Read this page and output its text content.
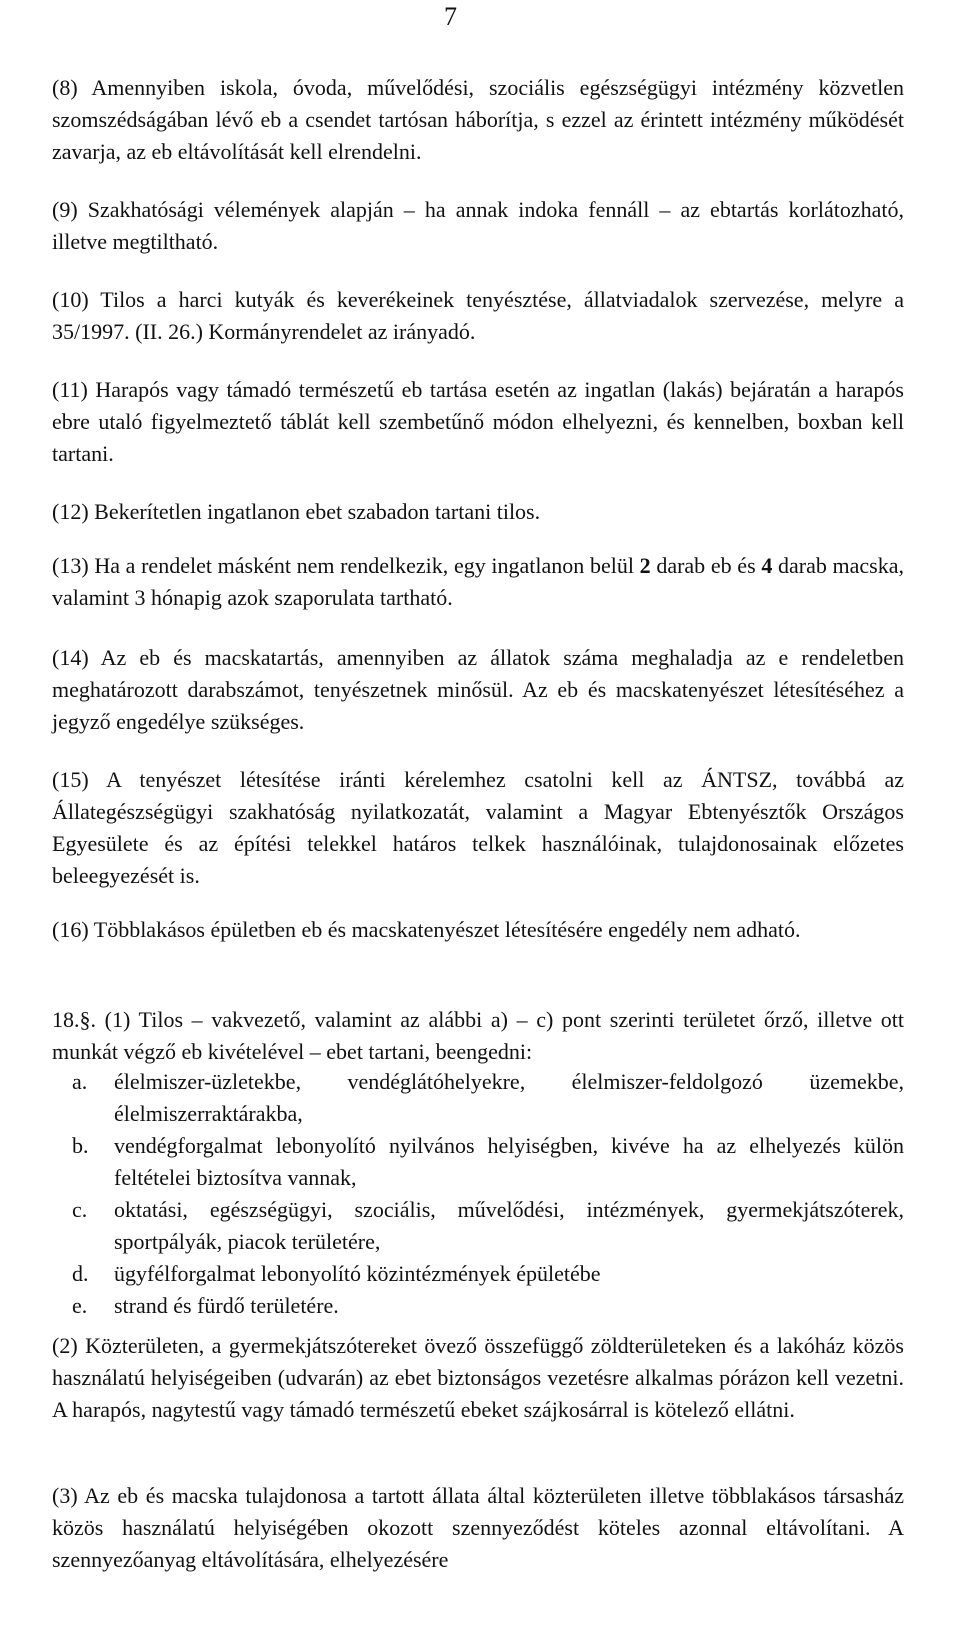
7

(8) Amennyiben iskola, óvoda, művelődési, szociális egészségügyi intézmény közvetlen szomszédságában lévő eb a csendet tartósan háborítja, s ezzel az érintett intézmény működését zavarja, az eb eltávolítását kell elrendelni.

(9) Szakhatósági vélemények alapján – ha annak indoka fennáll – az ebtartás korlátozható, illetve megtiltható.

(10) Tilos a harci kutyák és keverékeinek tenyésztése, állatviadalok szervezése, melyre a 35/1997. (II. 26.) Kormányrendelet az irányadó.

(11) Harapós vagy támadó természetű eb tartása esetén az ingatlan (lakás) bejáratán a harapós ebre utaló figyelmeztető táblát kell szembetűnő módon elhelyezni, és kennelben, boxban kell tartani.

(12) Bekerítetlen ingatlanon ebet szabadon tartani tilos.

(13) Ha a rendelet másként nem rendelkezik, egy ingatlanon belül 2 darab eb és 4 darab macska, valamint 3 hónapig azok szaporulata tartható.

(14) Az eb és macskatartás, amennyiben az állatok száma meghaladja az e rendeletben meghatározott darabszámot, tenyészetnek minősül. Az eb és macskatenyészet létesítéséhez a jegyző engedélye szükséges.

(15) A tenyészet létesítése iránti kérelemhez csatolni kell az ÁNTSZ, továbbá az Állategészségügyi szakhatóság nyilatkozatát, valamint a Magyar Ebtenyésztők Országos Egyesülete és az építési telekkel határos telkek használóinak, tulajdonosainak előzetes beleegyezését is.

(16) Többlakásos épületben eb és macskatenyészet létesítésére engedély nem adható.

18.§. (1) Tilos – vakvezető, valamint az alábbi a) – c) pont szerinti területet őrző, illetve ott munkát végző eb kivételével – ebet tartani, beengedni:

a. élelmiszer-üzletekbe, vendéglátóhelyekre, élelmiszer-feldolgozó üzemekbe, élelmiszerraktárakba,
b. vendégforgalmat lebonyolító nyilvános helyiségben, kivéve ha az elhelyezés külön feltételei biztosítva vannak,
c. oktatási, egészségügyi, szociális, művelődési, intézmények, gyermekjátszóterek, sportpályák, piacok területére,
d. ügyfélforgalmat lebonyolító közintézmények épületébe
e. strand és fürdő területére.

(2) Közterületen, a gyermekjátszótereket övező összefüggő zöldterületeken és a lakóház közös használatú helyiségeiben (udvarán) az ebet biztonságos vezetésre alkalmas pórázon kell vezetni. A harapós, nagytestű vagy támadó természetű ebeket szájkosárral is kötelező ellátni.

(3) Az eb és macska tulajdonosa a tartott állata által közterületen illetve többlakásos társasház közös használatú helyiségében okozott szennyeződést köteles azonnal eltávolítani. A szennyezőanyag eltávolítására, elhelyezésére
